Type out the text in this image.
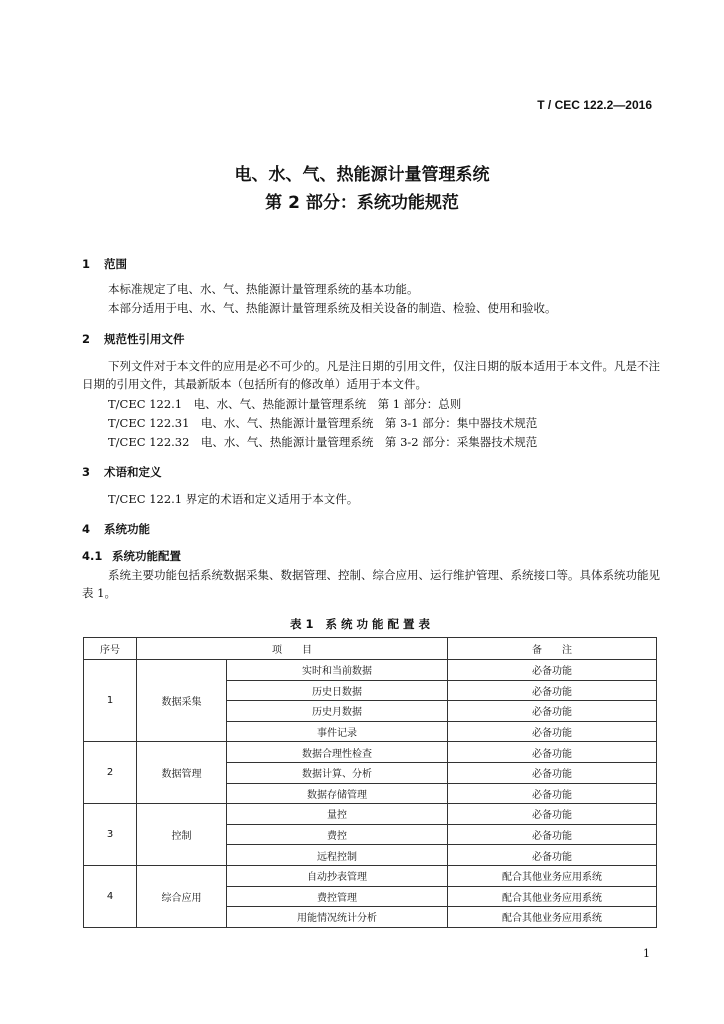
T / CEC 122.2—2016
电、水、气、热能源计量管理系统
第 2 部分：系统功能规范
1 范围
本标准规定了电、水、气、热能源计量管理系统的基本功能。
本部分适用于电、水、气、热能源计量管理系统及相关设备的制造、检验、使用和验收。
2 规范性引用文件
下列文件对于本文件的应用是必不可少的。凡是注日期的引用文件，仅注日期的版本适用于本文件。凡是不注日期的引用文件，其最新版本（包括所有的修改单）适用于本文件。
T/CEC 122.1　电、水、气、热能源计量管理系统　第 1 部分：总则
T/CEC 122.31　电、水、气、热能源计量管理系统　第 3-1 部分：集中器技术规范
T/CEC 122.32　电、水、气、热能源计量管理系统　第 3-2 部分：采集器技术规范
3 术语和定义
T/CEC 122.1 界定的术语和定义适用于本文件。
4 系统功能
4.1 系统功能配置
系统主要功能包括系统数据采集、数据管理、控制、综合应用、运行维护管理、系统接口等。具体系统功能见表 1。
表 1 系统功能配置表
序号	项　　目		备　　注
1	数据采集	实时和当前数据	必备功能
		历史日数据	必备功能
		历史月数据	必备功能
		事件记录	必备功能
2	数据管理	数据合理性检查	必备功能
		数据计算、分析	必备功能
		数据存储管理	必备功能
3	控制	量控	必备功能
		费控	必备功能
		远程控制	必备功能
4	综合应用	自动抄表管理	配合其他业务应用系统
		费控管理	配合其他业务应用系统
		用能情况统计分析	配合其他业务应用系统
1
